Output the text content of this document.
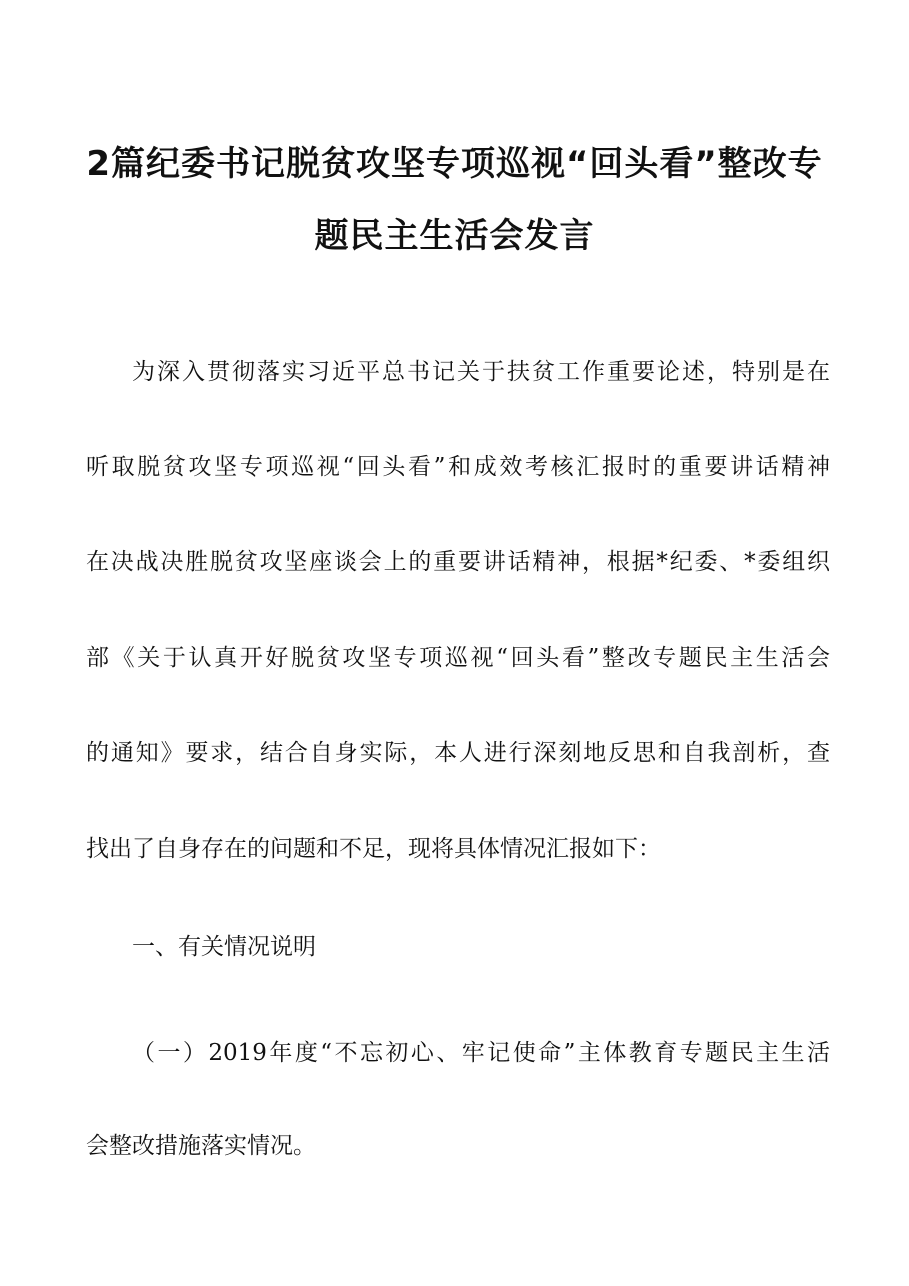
2篇纪委书记脱贫攻坚专项巡视“回头看”整改专
题民主生活会发言
为深入贯彻落实习近平总书记关于扶贫工作重要论述，特别是在
听取脱贫攻坚专项巡视“回头看”和成效考核汇报时的重要讲话精神
在决战决胜脱贫攻坚座谈会上的重要讲话精神，根据*纪委、*委组织
部《关于认真开好脱贫攻坚专项巡视“回头看”整改专题民主生活会
的通知》要求，结合自身实际，本人进行深刻地反思和自我剖析，查
找出了自身存在的问题和不足，现将具体情况汇报如下：
一、有关情况说明
（一）2019年度“不忘初心、牢记使命”主体教育专题民主生活
会整改措施落实情况。
